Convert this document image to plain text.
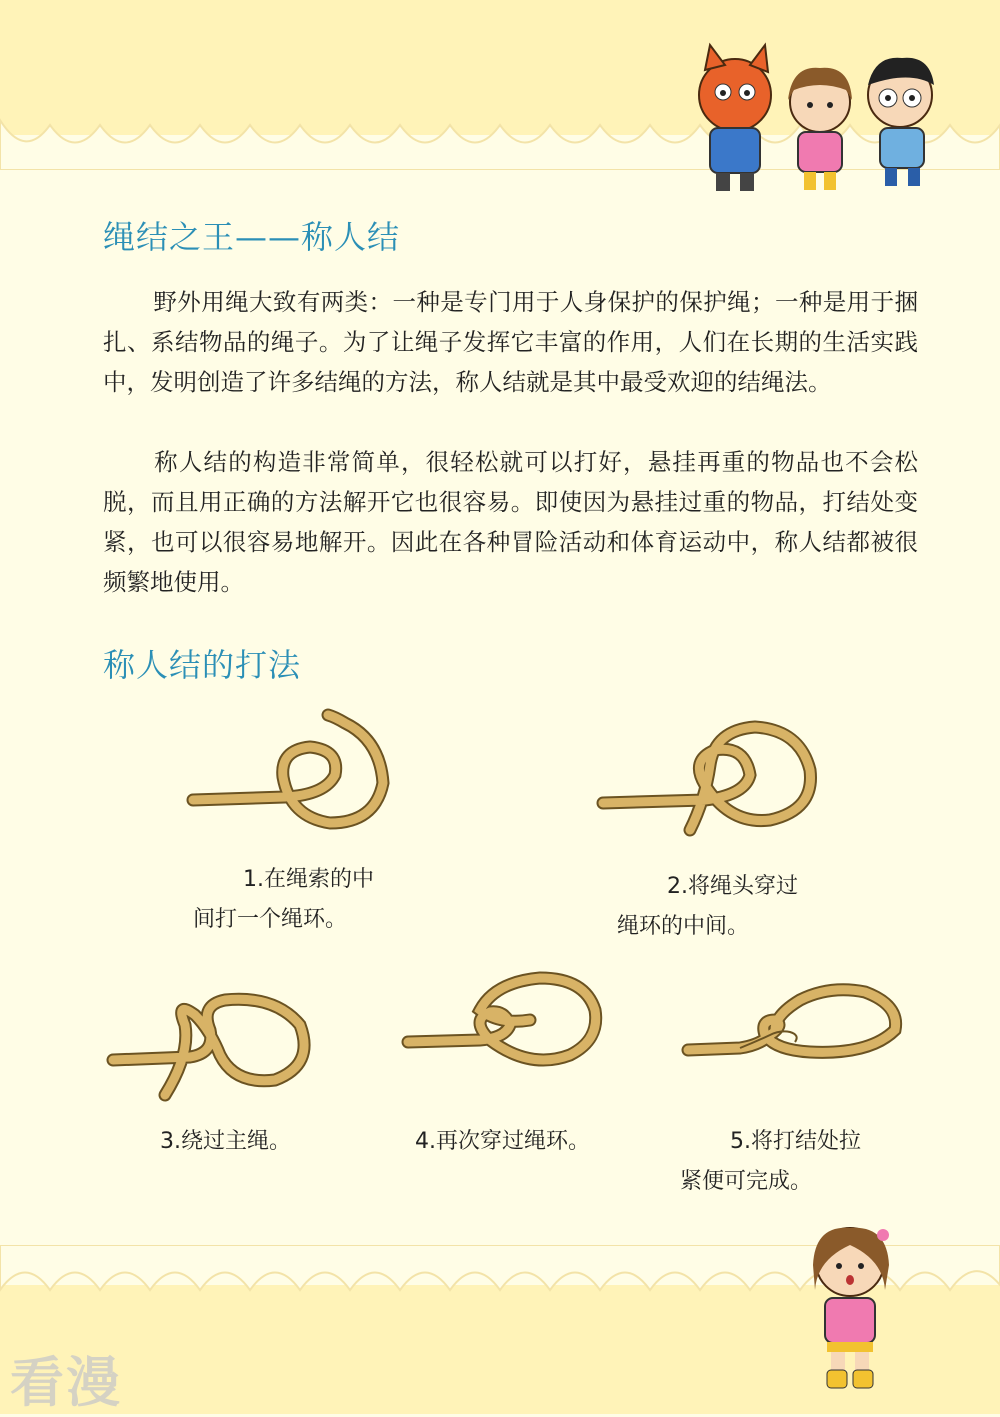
绳结之王——称人结

野外用绳大致有两类：一种是专门用于人身保护的保护绳；一种是用于捆扎、系结物品的绳子。为了让绳子发挥它丰富的作用，人们在长期的生活实践中，发明创造了许多结绳的方法，称人结就是其中最受欢迎的结绳法。

称人结的构造非常简单，很轻松就可以打好，悬挂再重的物品也不会松脱，而且用正确的方法解开它也很容易。即使因为悬挂过重的物品，打结处变紧，也可以很容易地解开。因此在各种冒险活动和体育运动中，称人结都被很频繁地使用。

称人结的打法

1.在绳索的中
间打一个绳环。

2.将绳头穿过
绳环的中间。

3.绕过主绳。	4.再次穿过绳环。	5.将打结处拉
紧便可完成。

看漫
